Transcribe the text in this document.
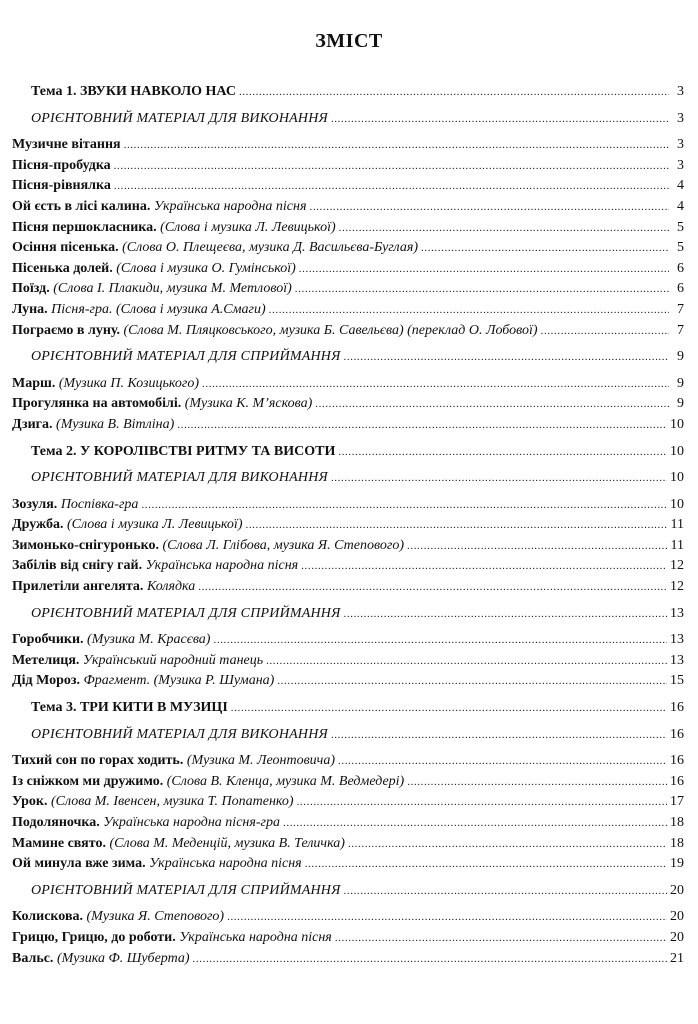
ЗМІСТ
Тема 1. ЗВУКИ НАВКОЛО НАС .....	3
ОРІЄНТОВНИЙ МАТЕРІАЛ ДЛЯ ВИКОНАННЯ .....	3
Музичне вітання .....	3
Пісня-пробудка .....	3
Пісня-рівнялка .....	4
Ой єсть в лісі калина. Українська народна пісня .....	4
Пісня першокласника. (Слова і музика Л. Левицької) .....	5
Осіння пісенька. (Слова О. Плещеєва, музика Д. Васильєва-Буглая) .....	5
Пісенька долей. (Слова і музика О. Гумінської) .....	6
Поїзд. (Слова І. Плакиди, музика М. Метлової) .....	6
Луна. Пісня-гра. (Слова і музика А.Смаги) .....	7
Пограємо в луну. (Слова М. Пляцковського, музика Б. Савельєва) (переклад О. Лобової) .....	7
ОРІЄНТОВНИЙ МАТЕРІАЛ ДЛЯ СПРИЙМАННЯ .....	9
Марш. (Музика П. Козицького) .....	9
Прогулянка на автомобілі. (Музика К. М’яскова) .....	9
Дзига. (Музика В. Вітліна) .....	10
Тема 2. У КОРОЛІВСТВІ РИТМУ ТА ВИСОТИ .....	10
ОРІЄНТОВНИЙ МАТЕРІАЛ ДЛЯ ВИКОНАННЯ .....	10
Зозуля. Поспівка-гра .....	10
Дружба. (Слова і музика Л. Левицької) .....	11
Зимонько-снігуронько. (Слова Л. Глібова, музика Я. Степового) .....	11
Забілів від снігу гай. Українська народна пісня .....	12
Прилетіли ангелята. Колядка .....	12
ОРІЄНТОВНИЙ МАТЕРІАЛ ДЛЯ СПРИЙМАННЯ .....	13
Горобчики. (Музика М. Красєва) .....	13
Метелиця. Український народний танець .....	13
Дід Мороз. Фрагмент. (Музика Р. Шумана) .....	15
Тема 3. ТРИ КИТИ В МУЗИЦІ .....	16
ОРІЄНТОВНИЙ МАТЕРІАЛ ДЛЯ ВИКОНАННЯ .....	16
Тихий сон по горах ходить. (Музика М. Леонтовича) .....	16
Із сніжком ми дружимо. (Слова В. Кленца, музика М. Ведмедері) .....	16
Урок. (Слова М. Івенсен, музика Т. Попатенко) .....	17
Подоляночка. Українська народна пісня-гра .....	18
Мамине свято. (Слова М. Меденцій, музика В. Теличка) .....	18
Ой минула вже зима. Українська народна пісня .....	19
ОРІЄНТОВНИЙ МАТЕРІАЛ ДЛЯ СПРИЙМАННЯ .....	20
Колискова. (Музика Я. Степового) .....	20
Грицю, Грицю, до роботи. Українська народна пісня .....	20
Вальс. (Музика Ф. Шуберта) .....	21
